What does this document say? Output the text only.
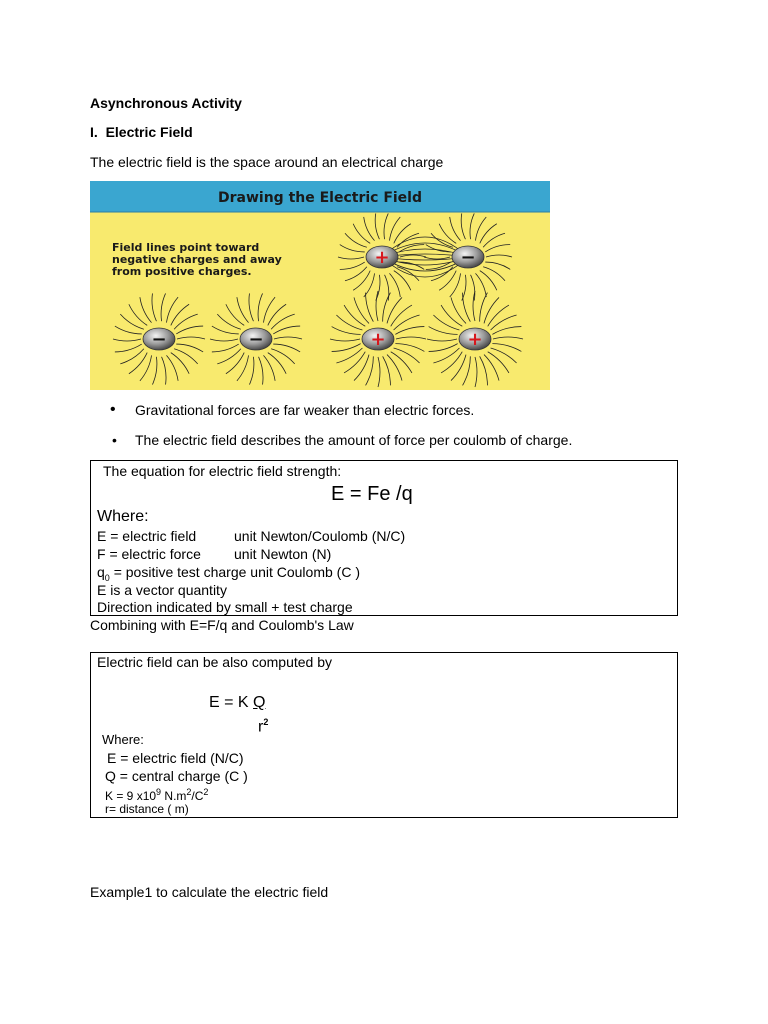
Asynchronous Activity
I. Electric Field
The electric field is the space around an electrical charge
Drawing the Electric Field
Field lines point toward
negative charges and away
from positive charges.
+	−
−	−	+	+
• Gravitational forces are far weaker than electric forces.
• The electric field describes the amount of force per coulomb of charge.
The equation for electric field strength:
E = Fe /q
Where:
E = electric field	unit Newton/Coulomb (N/C)
F = electric force unit Newton (N)
$q_0$ = positive test charge unit Coulomb (C )
E is a vector quantity
Direction indicated by small + test charge
Combining with E=F/q and Coulomb's Law
Electric field can be also computed by
E = K Q
$r^2$
Where:
E = electric field (N/C)
Q = central charge (C )
K = 9 $x10^9$ $N.m^2/C^2$
r= distance ( m)
Example1 to calculate the electric field
